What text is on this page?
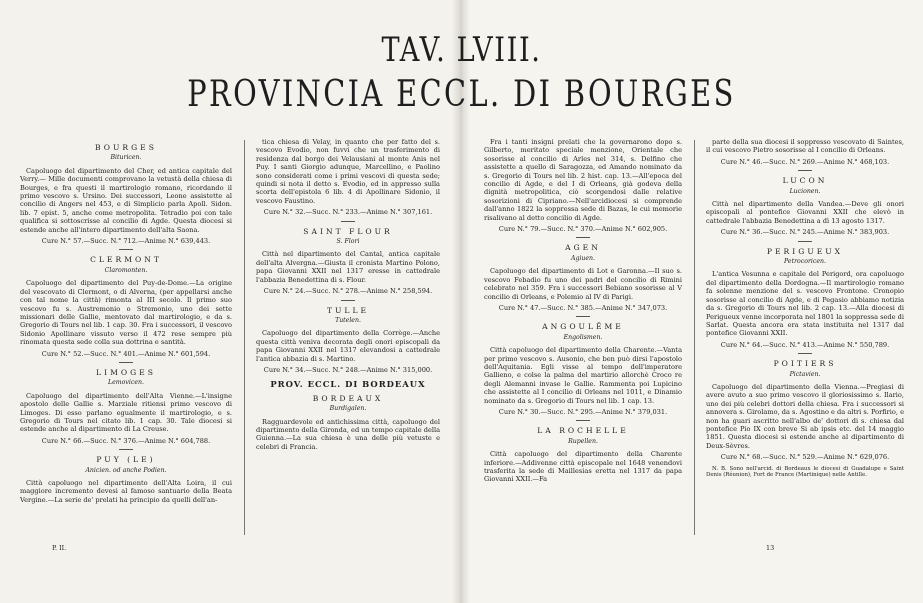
TAV. LVIII.
PROVINCIA ECCL. DI BOURGES
BOURGES
Bituricen.

Capoluogo del dipartimento del Cher, ed antica capitale del Verry.— Mille documenti comprovano la vetustà della chiesa di Bourges, e fra questi il martirologio romano, ricordando il primo vescovo s. Ursino. Dei successori, Leone assistette al concilio di Angers nel 453, e di Simplicio parla Apoll. Sidon. lib. 7 epist. 5, anche come metropolita. Tetradio poi con tale qualifica si sottoscrisse al concilio di Agde. Questa diocesi si estende anche all'intero dipartimento dell'alta Saona.

Cure N.° 57.—Succ. N.° 712.—Anime N.° 639,443.
CLERMONT
Claromonten.

Capoluogo del dipartimento del Puy-de-Dome.—La origine del vescovato di Clermont, o di Alverna, (per appellarsi anche con tal nome la città) rimonta al III secolo. Il primo suo vescovo fu s. Austremonio o Stremonio, uno dei sette missionari delle Gallie, mentovato dal martirologio, e da s. Gregorio di Tours nel lib. 1 cap. 30. Fra i successori, il vescovo Sidonio Apollinare vissuto verso il 472 rese sempre più rinomata questa sede colla sua dottrina e santità.

Cure N.° 52.—Succ. N.° 401.—Anime N.° 601,594.
LIMOGES
Lemovicen.

Capoluogo del dipartimento dell'Alta Vienne.—L'insigne apostolo delle Gallie s. Marziale ritiensi primo vescovo di Limoges. Di esso parlano egualmente il martirologio, e s. Gregorio di Tours nel citato lib. 1 cap. 30. Tale diocesi si estende anche al dipartimento di La Creuse.

Cure N.° 66.—Succ. N.° 376.—Anime N.° 604,788.
PUY (LE)
Anicien. od anche Podien.

Città capoluogo nel dipartimento dell'Alta Loira, il cui maggiore incremento devesi al famoso santuario della Beata Vergine.—La serie de' prelati ha principio da quelli dell'an-

P. II.

tica chiesa di Velay, in quanto che per fatto del s. vescovo Evodio, non fuvvi che un trasferimento di residenza dal borgo dei Velausiani al monte Anis nel Puy. I santi Giorgio adunque, Marcellino, e Paolino sono considerati come i primi vescovi di questa sede; quindi si nota il detto s. Evodio, ed in appresso sulla scorta dell'epistola 6 lib. 4 di Apollinare Sidonio, il vescovo Faustino.

Cure N.° 32.—Succ. N.° 233.—Anime N.° 307,161.
SAINT FLOUR
S. Flori

Città nel dipartimento del Cantal, antica capitale dell'alta Alvergna.—Giusta il cronista Martino Polono, papa Giovanni XXII nel 1317 eresse in cattedrale l'abbazia Benedettina di s. Flour.

Cure N.° 24.—Succ. N.° 278.—Anime N.° 258,594.
TULLE
Tutelen.

Capoluogo del dipartimento della Corrège.—Anche questa città veniva decorata degli onori episcopali da papa Giovanni XXII nel 1317 elevandosi a cattedrale l'antica abbazia di s. Martino.

Cure N.° 34.—Succ. N.° 248.—Anime N.° 315,000.
PROV. ECCL. DI BORDEAUX
BORDEAUX
Burdigalen.

Ragguardevole ed antichissima città, capoluogo del dipartimento della Gironda, ed un tempo capitale della Guienna.—La sua chiesa è una delle più vetuste e celebri di Francia.

Fra i tanti insigni prelati che la governarono dopo s. Gilberto, meritato speciale menzione, Orientale che sosorisse al concilio di Arles nel 314, s. Delfino che assistette a quello di Saragozza, ed Amando nominato da s. Gregorio di Tours nel lib. 2 hist. cap. 13.—All'epoca del concilio di Agde, e del I di Orleans, già godeva della dignità metropolitica, ciò scorgendosi dalle relative sosorizioni di Cipriano.—Nell'arcidiocesi si comprende dall'anno 1822 la soppressa sede di Bazas, le cui memorie risalivano al detto concilio di Agde.

Cure N.° 79.—Succ. N.° 370.—Anime N.° 602,905.
AGEN
Agiuen.

Capoluogo del dipartimento di Lot e Garonna.—Il suo s. vescovo Febadio fu uno dei padri del concilio di Rimini celebrato nel 359. Fra i successori Bebiano sosorisse al V concilio di Orleans, e Polemio al IV di Parigi.

Cure N.° 47.—Succ. N.° 385.—Anime N.° 347,073.
ANGOULÊME
Engolismen.

Città capoluogo del dipartimento della Charente.—Vanta per primo vescovo s. Ausonio, che ben può dirsi l'apostolo dell'Aquitania. Egli visse al tempo dell'imperatore Gallieno, e colse la palma del martirio allorchè Croco re degli Alemanni invase le Gallie. Rammenta poi Lupicino che assistette al I concilio di Orleans nel 1011, e Dinamio nominato da s. Gregorio di Tours nel lib. 1 cap. 13.

Cure N.° 30.—Succ. N.° 295.—Anime N.° 379,031.
LA ROCHELLE
Rupellen.

Città capoluogo del dipartimento della Charente inferiore.—Addivenne città episcopale nel 1648 venendovi trasferita la sede di Maillesias eretta nel 1317 da papa Giovanni XXII.—Fa

parte della sua diocesi il soppresso vescovato di Saintes, il cui vescovo Pietro sosorisse al I concilio di Orleans.

Cure N.° 46.—Succ. N.° 269.—Anime N.° 468,103.
LUCON
Lucionen.

Città nel dipartimento della Vandea.—Deve gli onori episcopali al pontefice Giovanni XXII che elevò in cattedrale l'abbazia Benedettina a dì 13 agosto 1317.

Cure N.° 36.—Succ. N.° 245.—Anime N.° 383,903.
PERIGUEUX
Petrocoricen.

L'antica Vesunna e capitale del Perigord, ora capoluogo del dipartimento della Dordogna.—Il martirologio romano fa solenne menzione del s. vescovo Frontone. Cronopio sosorisse al concilio di Agde, e di Pegasio abbiamo notizia da s. Gregorio di Tours nel lib. 2 cap. 13.—Alla diocesi di Perigueux venne incorporata nel 1801 la soppressa sede di Sarlat. Questa ancora era stata instituita nel 1317 dal pontefice Giovanni XXII.

Cure N.° 64.—Succ. N.° 413.—Anime N.° 550,789.
POITIERS
Pictavien.

Capoluogo del dipartimento della Vienna.—Pregiasi di avere avuto a suo primo vescovo il gloriosissimo s. Ilario, uno dei più celebri dottori della chiesa. Fra i successori si annovera s. Girolamo, da s. Agostino e da altri s. Porfirio, e non ha guari ascritto nell'albo de' dottori di s. chiesa dal pontefice Pio IX con breve Si ab ipsis etc. del 14 maggio 1851. Questa diocesi si estende anche al dipartimento di Deux-Sèvres.

Cure N.° 68.—Succ. N.° 529.—Anime N.° 629,076.

N. B. Sono nell'arcid. di Bordeaux le diocesi di Guadalupe e Saint Denis (Réunion), Fort de France (Martinique) nelle Antille.

13
